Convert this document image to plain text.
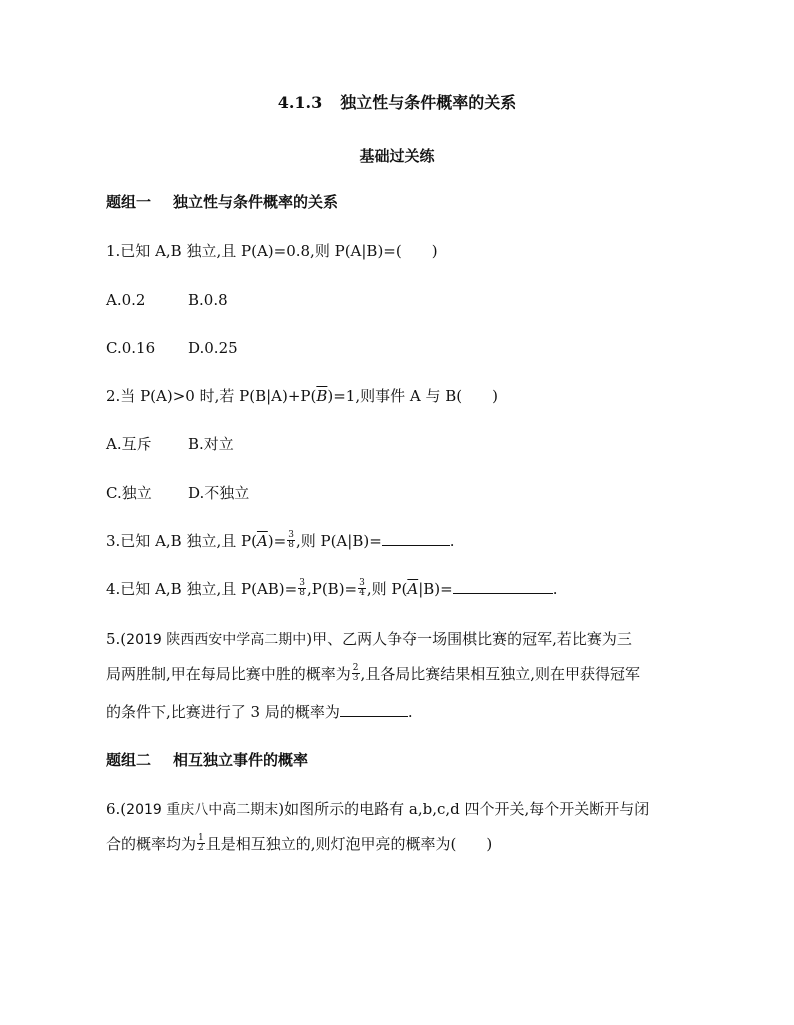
4.1.3 独立性与条件概率的关系
基础过关练
题组一 独立性与条件概率的关系
1.已知 A,B 独立,且 P(A)=0.8,则 P(A|B)=(　　)
A.0.2	B.0.8
C.0.16 D.0.25
2.当 P(A)>0 时,若 $P(B|A)+P(\overline{B})=1$,则事件 A 与 B(　　)
A.互斥 B.对立
C.独立 D.不独立
3.已知 A,B 独立,且 $P(\overline{A})= \frac{3}{8}$ ,则 P(A|B)=	.
4.已知 A,B 独立,且 $P(AB)= \frac{3}{8} ,P(B)= \frac{3}{4}$ ,则 $P(\overline{A}|B)=$	.
5.(2019 陕西西安中学高二期中)甲、乙两人争夺一场围棋比赛的冠军,若比赛为三
局两胜制,甲在每局比赛中胜的概率为 $\frac{2}{3}$ ,且各局比赛结果相互独立,则在甲获得冠军
的条件下,比赛进行了 3 局的概率为	.
题组二 相互独立事件的概率
6.(2019 重庆八中高二期末)如图所示的电路有 a,b,c,d 四个开关,每个开关断开与闭
合的概率均为 $\frac{1}{2}$ 且是相互独立的,则灯泡甲亮的概率为(　　)
